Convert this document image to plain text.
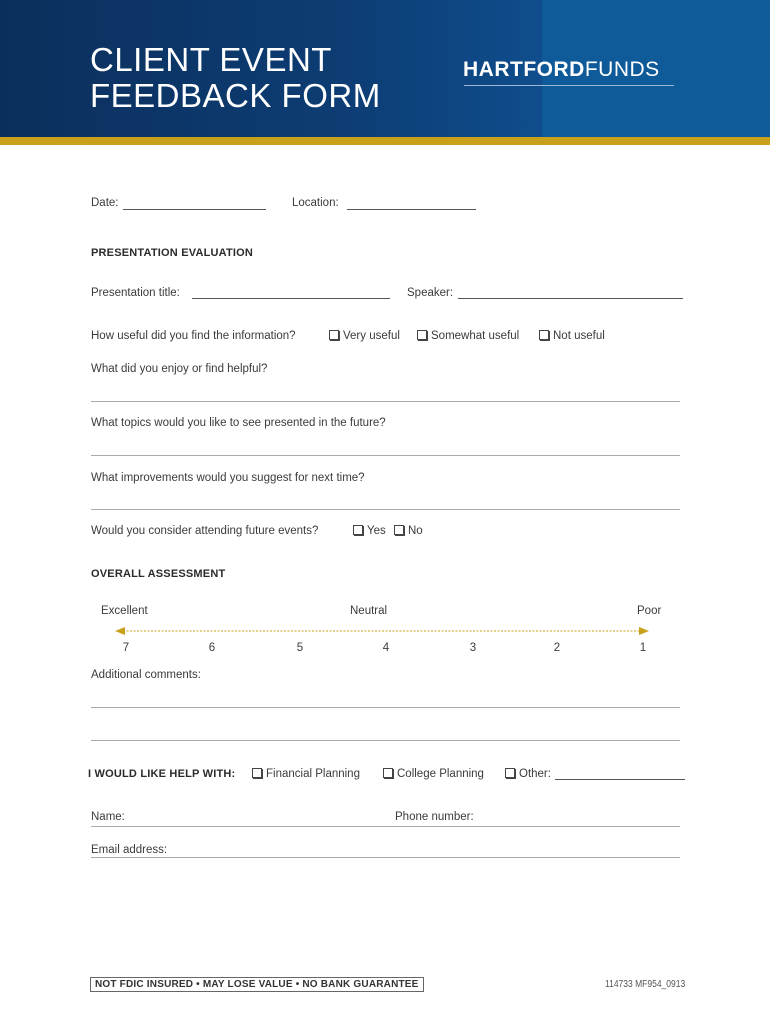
CLIENT EVENT
FEEDBACK FORM
HARTFORDFUNDS
Date:	Location:
PRESENTATION EVALUATION
Presentation title:	Speaker:
How useful did you find the information?	Very useful	Somewhat useful	Not useful
What did you enjoy or find helpful?
What topics would you like to see presented in the future?
What improvements would you suggest for next time?
Would you consider attending future events?	Yes	No
OVERALL ASSESSMENT
Excellent	Neutral	Poor
7	6	5	4	3	2	1
Additional comments:
I WOULD LIKE HELP WITH:	Financial Planning	College Planning	Other:
Name:	Phone number:
Email address:
NOT FDIC INSURED • MAY LOSE VALUE • NO BANK GUARANTEE	114733 MF954_0913
